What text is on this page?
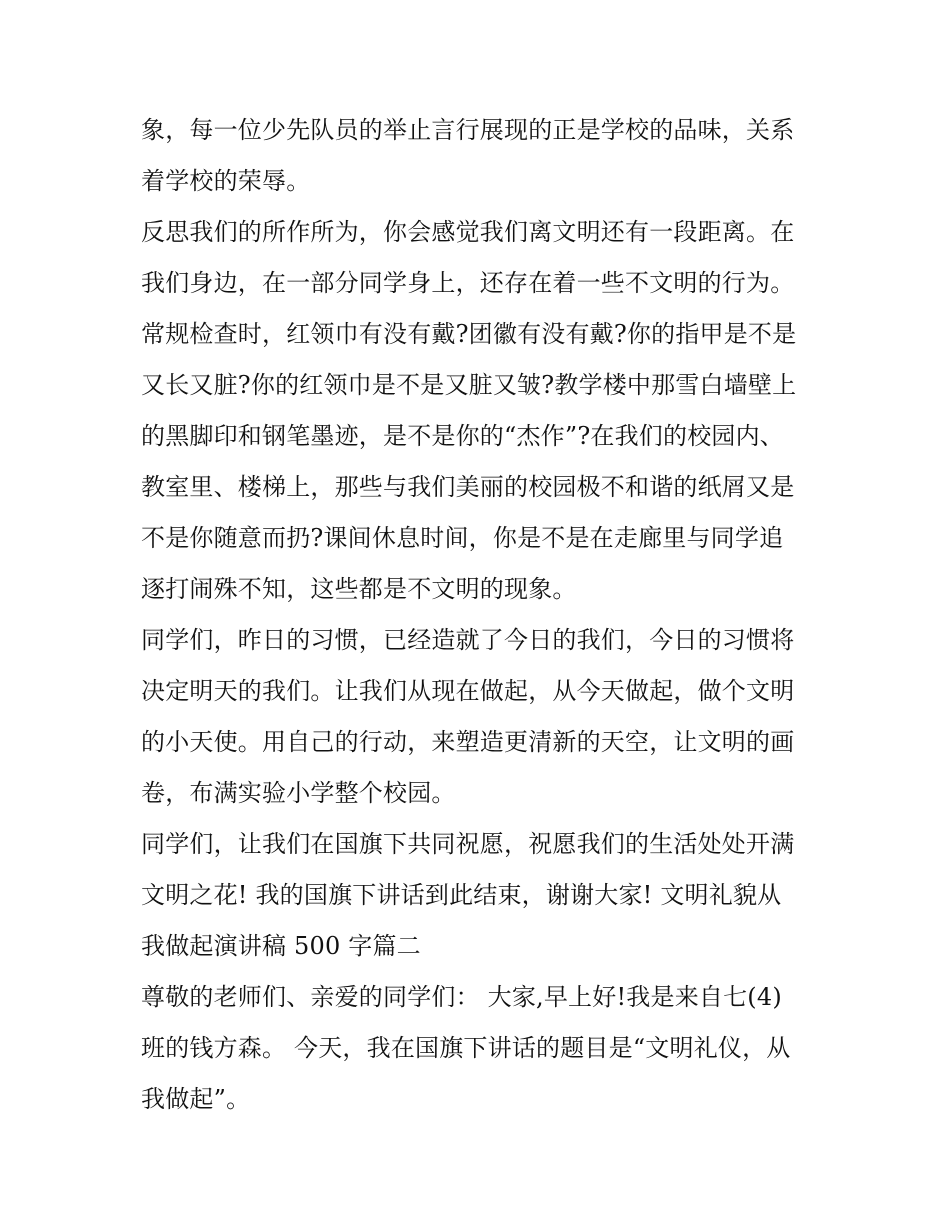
象，每一位少先队员的举止言行展现的正是学校的品味，关系
着学校的荣辱。
反思我们的所作所为，你会感觉我们离文明还有一段距离。在
我们身边，在一部分同学身上，还存在着一些不文明的行为。
常规检查时，红领巾有没有戴?团徽有没有戴?你的指甲是不是
又长又脏?你的红领巾是不是又脏又皱?教学楼中那雪白墙壁上
的黑脚印和钢笔墨迹，是不是你的“杰作”?在我们的校园内、
教室里、楼梯上，那些与我们美丽的校园极不和谐的纸屑又是
不是你随意而扔?课间休息时间，你是不是在走廊里与同学追
逐打闹殊不知，这些都是不文明的现象。
同学们，昨日的习惯，已经造就了今日的我们，今日的习惯将
决定明天的我们。让我们从现在做起，从今天做起，做个文明
的小天使。用自己的行动，来塑造更清新的天空，让文明的画
卷，布满实验小学整个校园。
同学们，让我们在国旗下共同祝愿，祝愿我们的生活处处开满
文明之花! 我的国旗下讲话到此结束，谢谢大家! 文明礼貌从
我做起演讲稿 500 字篇二
尊敬的老师们、亲爱的同学们： 大家,早上好!我是来自七(4)
班的钱方森。 今天，我在国旗下讲话的题目是“文明礼仪，从
我做起”。
